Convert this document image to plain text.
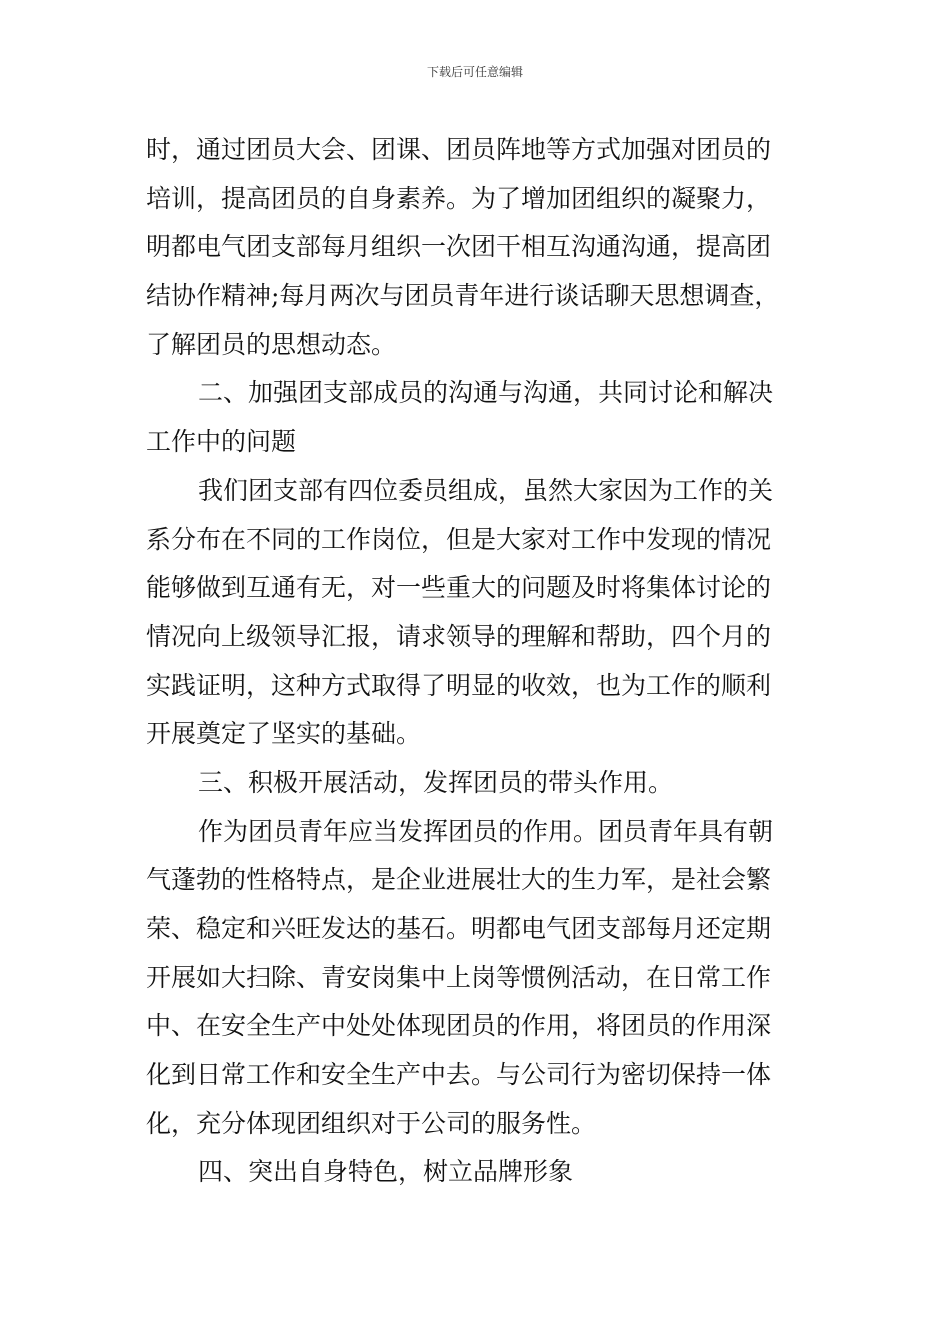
下载后可任意编辑
时，通过团员大会、团课、团员阵地等方式加强对团员的
培训，提高团员的自身素养。为了增加团组织的凝聚力，
明都电气团支部每月组织一次团干相互沟通沟通，提高团
结协作精神;每月两次与团员青年进行谈话聊天思想调查，
了解团员的思想动态。
二、加强团支部成员的沟通与沟通，共同讨论和解决
工作中的问题
我们团支部有四位委员组成，虽然大家因为工作的关
系分布在不同的工作岗位，但是大家对工作中发现的情况
能够做到互通有无，对一些重大的问题及时将集体讨论的
情况向上级领导汇报，请求领导的理解和帮助，四个月的
实践证明，这种方式取得了明显的收效，也为工作的顺利
开展奠定了坚实的基础。
三、积极开展活动，发挥团员的带头作用。
作为团员青年应当发挥团员的作用。团员青年具有朝
气蓬勃的性格特点，是企业进展壮大的生力军，是社会繁
荣、稳定和兴旺发达的基石。明都电气团支部每月还定期
开展如大扫除、青安岗集中上岗等惯例活动，在日常工作
中、在安全生产中处处体现团员的作用，将团员的作用深
化到日常工作和安全生产中去。与公司行为密切保持一体
化，充分体现团组织对于公司的服务性。
四、突出自身特色，树立品牌形象
